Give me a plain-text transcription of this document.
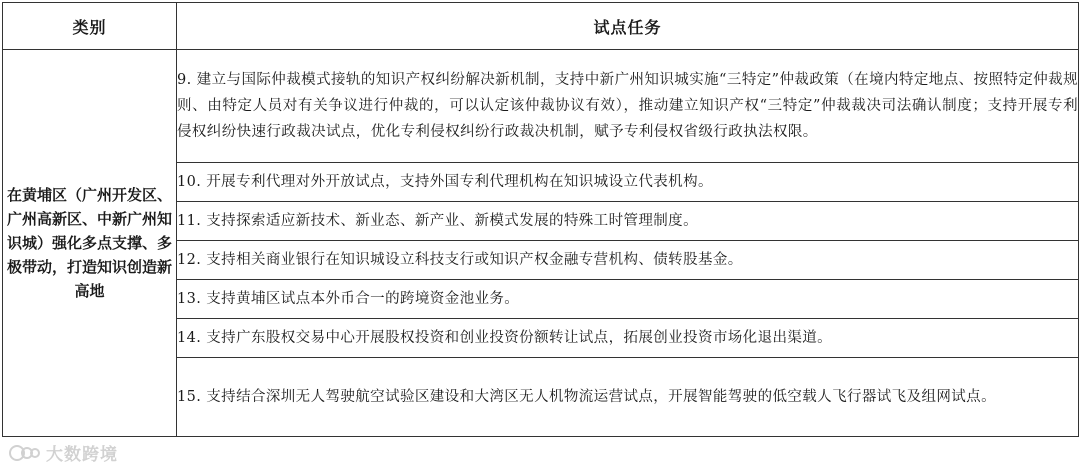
类别	试点任务
在黄埔区（广州开发区、广州高新区、中新广州知识城）强化多点支撑、多极带动，打造知识创造新高地	9. 建立与国际仲裁模式接轨的知识产权纠纷解决新机制，支持中新广州知识城实施“三特定”仲裁政策（在境内特定地点、按照特定仲裁规则、由特定人员对有关争议进行仲裁的，可以认定该仲裁协议有效），推动建立知识产权“三特定”仲裁裁决司法确认制度；支持开展专利侵权纠纷快速行政裁决试点，优化专利侵权纠纷行政裁决机制，赋予专利侵权省级行政执法权限。
	10. 开展专利代理对外开放试点，支持外国专利代理机构在知识城设立代表机构。
	11. 支持探索适应新技术、新业态、新产业、新模式发展的特殊工时管理制度。
	12. 支持相关商业银行在知识城设立科技支行或知识产权金融专营机构、债转股基金。
	13. 支持黄埔区试点本外币合一的跨境资金池业务。
	14. 支持广东股权交易中心开展股权投资和创业投资份额转让试点，拓展创业投资市场化退出渠道。
	15. 支持结合深圳无人驾驶航空试验区建设和大湾区无人机物流运营试点，开展智能驾驶的低空载人飞行器试飞及组网试点。
大数跨境
